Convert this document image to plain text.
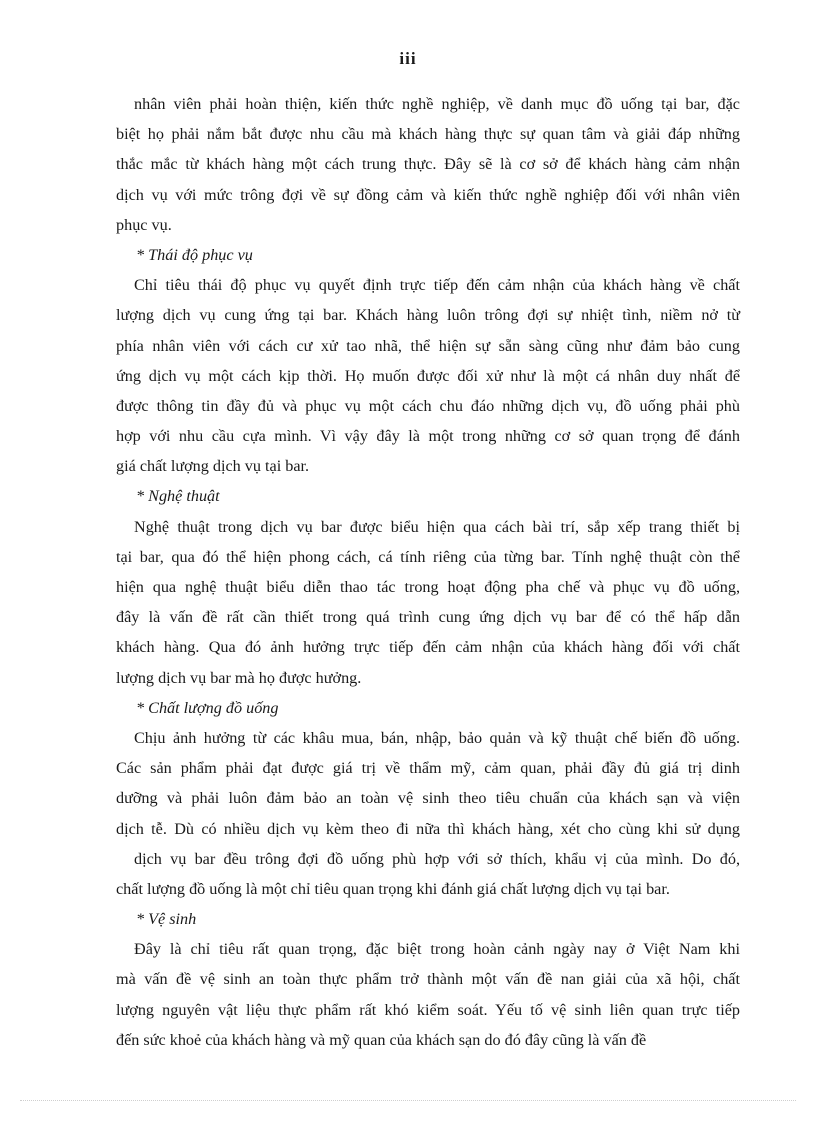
iii
nhân viên phải hoàn thiện, kiến thức nghề nghiệp, về danh mục đồ uống tại bar, đặc
biệt họ phải nắm bắt được nhu cầu mà khách hàng thực sự quan tâm và giải đáp những
thắc mắc từ khách hàng một cách trung thực. Đây sẽ là cơ sở để khách hàng cảm nhận
dịch vụ với mức trông đợi về sự đồng cảm và kiến thức nghề nghiệp đối với nhân viên
phục vụ.
* Thái độ phục vụ
Chỉ tiêu thái độ phục vụ quyết định trực tiếp đến cảm nhận của khách hàng về chất
lượng dịch vụ cung ứng tại bar. Khách hàng luôn trông đợi sự nhiệt tình, niềm nở từ
phía nhân viên với cách cư xử tao nhã, thể hiện sự sẵn sàng cũng như đảm bảo cung
ứng dịch vụ một cách kịp thời. Họ muốn được đối xử như là một cá nhân duy nhất để
được thông tin đầy đủ và phục vụ một cách chu đáo những dịch vụ, đồ uống phải phù
hợp với nhu cầu cựa mình. Vì vậy đây là một trong những cơ sở quan trọng để đánh
giá chất lượng dịch vụ tại bar.
* Nghệ thuật
Nghệ thuật trong dịch vụ bar được biểu hiện qua cách bài trí, sắp xếp trang thiết bị
tại bar, qua đó thể hiện phong cách, cá tính riêng của từng bar. Tính nghệ thuật còn thể
hiện qua nghệ thuật biểu diễn thao tác trong hoạt động pha chế và phục vụ đồ uống,
đây là vấn đề rất cần thiết trong quá trình cung ứng dịch vụ bar để có thể hấp dẫn
khách hàng. Qua đó ảnh hưởng trực tiếp đến cảm nhận của khách hàng đối với chất
lượng dịch vụ bar mà họ được hưởng.
* Chất lượng đồ uống
Chịu ảnh hưởng từ các khâu mua, bán, nhập, bảo quản và kỹ thuật chế biến đồ uống.
Các sản phẩm phải đạt được giá trị về thẩm mỹ, cảm quan, phải đầy đủ giá trị dinh
dưỡng và phải luôn đảm bảo an toàn vệ sinh theo tiêu chuẩn của khách sạn và viện
dịch tễ. Dù có nhiều dịch vụ kèm theo đi nữa thì khách hàng, xét cho cùng khi sử dụng
dịch vụ bar đều trông đợi đồ uống phù hợp với sở thích, khẩu vị của mình. Do đó,
chất lượng đồ uống là một chỉ tiêu quan trọng khi đánh giá chất lượng dịch vụ tại bar.
* Vệ sinh
Đây là chỉ tiêu rất quan trọng, đặc biệt trong hoàn cảnh ngày nay ở Việt Nam khi
mà vấn đề vệ sinh an toàn thực phẩm trở thành một vấn đề nan giải của xã hội, chất
lượng nguyên vật liệu thực phẩm rất khó kiểm soát. Yếu tố vệ sinh liên quan trực tiếp
đến sức khoẻ của khách hàng và mỹ quan của khách sạn do đó đây cũng là vấn đề
